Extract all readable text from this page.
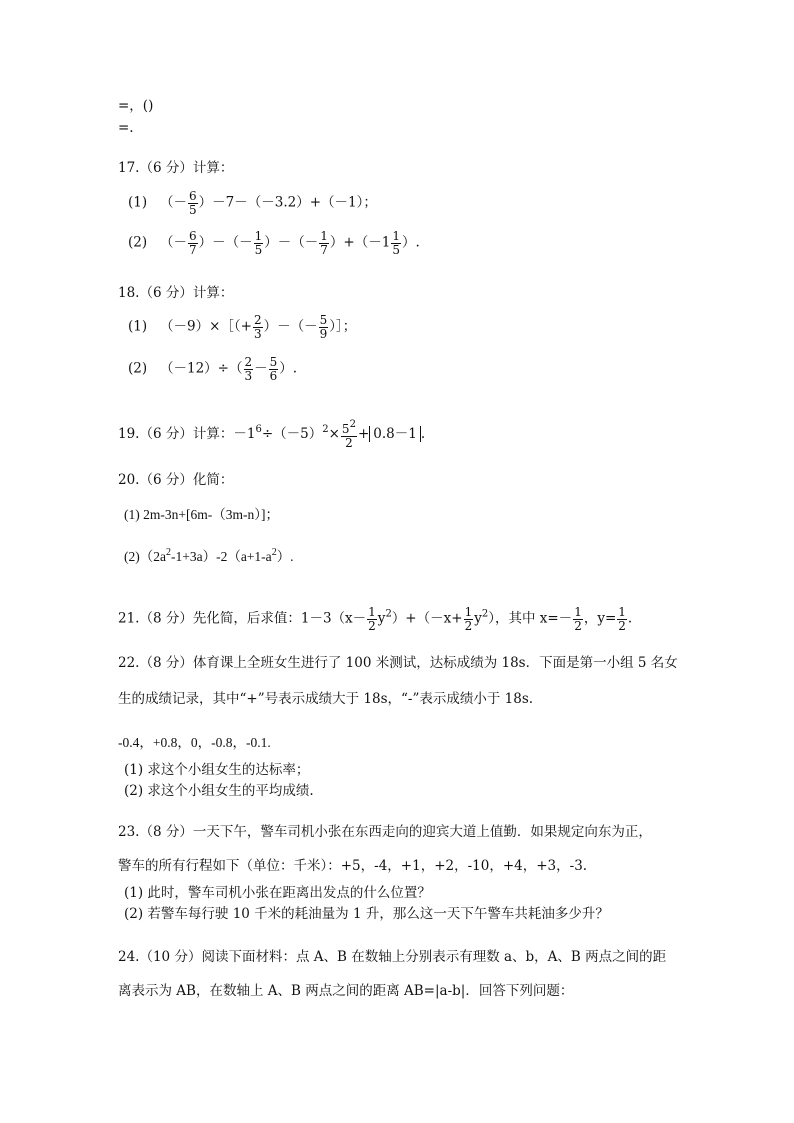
=，()
=.
17.（6 分）计算：
(1) （－ $\frac{6}{5} )-7-(-3.2)+(-1)$；
(2) （－ $\frac{6}{7}$ ）－（－ $\frac{1}{5}$ ）－（－ $\frac{1}{7} )+(-1 \frac{1}{5}$ ）.
18.（6 分）计算：
(1) （－9）×［（+ $\frac{2}{3}$ ）－（－ $\frac{5}{9}$ ）］；
(2) $(-12)\div( \frac{2}{3} - \frac{5}{6}$ ）.
19.（6 分）计算：$-1^6\div(-5)^2\times \frac{5^2}{2} + 0.8-1$ .
20.（6 分）化简：
(1) 2m-3n+[6m-（3m-n）]；
$(2)(2a^2-1+3a)-2(a+1-a^2)$.
21.（8 分）先化简，后求值：$1-3(x- \frac{1}{2} y^2)+(-x+ \frac{1}{2} y^2)$，其中 $x=- \frac{1}{2}$ ，$y= \frac{1}{2}$ .
22.（8 分）体育课上全班女生进行了 100 米测试，达标成绩为 18s．下面是第一小组 5 名女
生的成绩记录，其中“+”号表示成绩大于 18s，“-”表示成绩小于 18s.
-0.4，+0.8，0，-0.8，-0.1.
(1) 求这个小组女生的达标率；
(2) 求这个小组女生的平均成绩.
23.（8 分）一天下午，警车司机小张在东西走向的迎宾大道上值勤．如果规定向东为正，
警车的所有行程如下（单位：千米）：+5，-4，+1，+2，-10，+4，+3，-3.
(1) 此时，警车司机小张在距离出发点的什么位置？
(2) 若警车每行驶 10 千米的耗油量为 1 升，那么这一天下午警车共耗油多少升？
24.（10 分）阅读下面材料：点 A、B 在数轴上分别表示有理数 a、b，A、B 两点之间的距
离表示为 AB，在数轴上 A、B 两点之间的距离 AB=|a-b|．回答下列问题：
